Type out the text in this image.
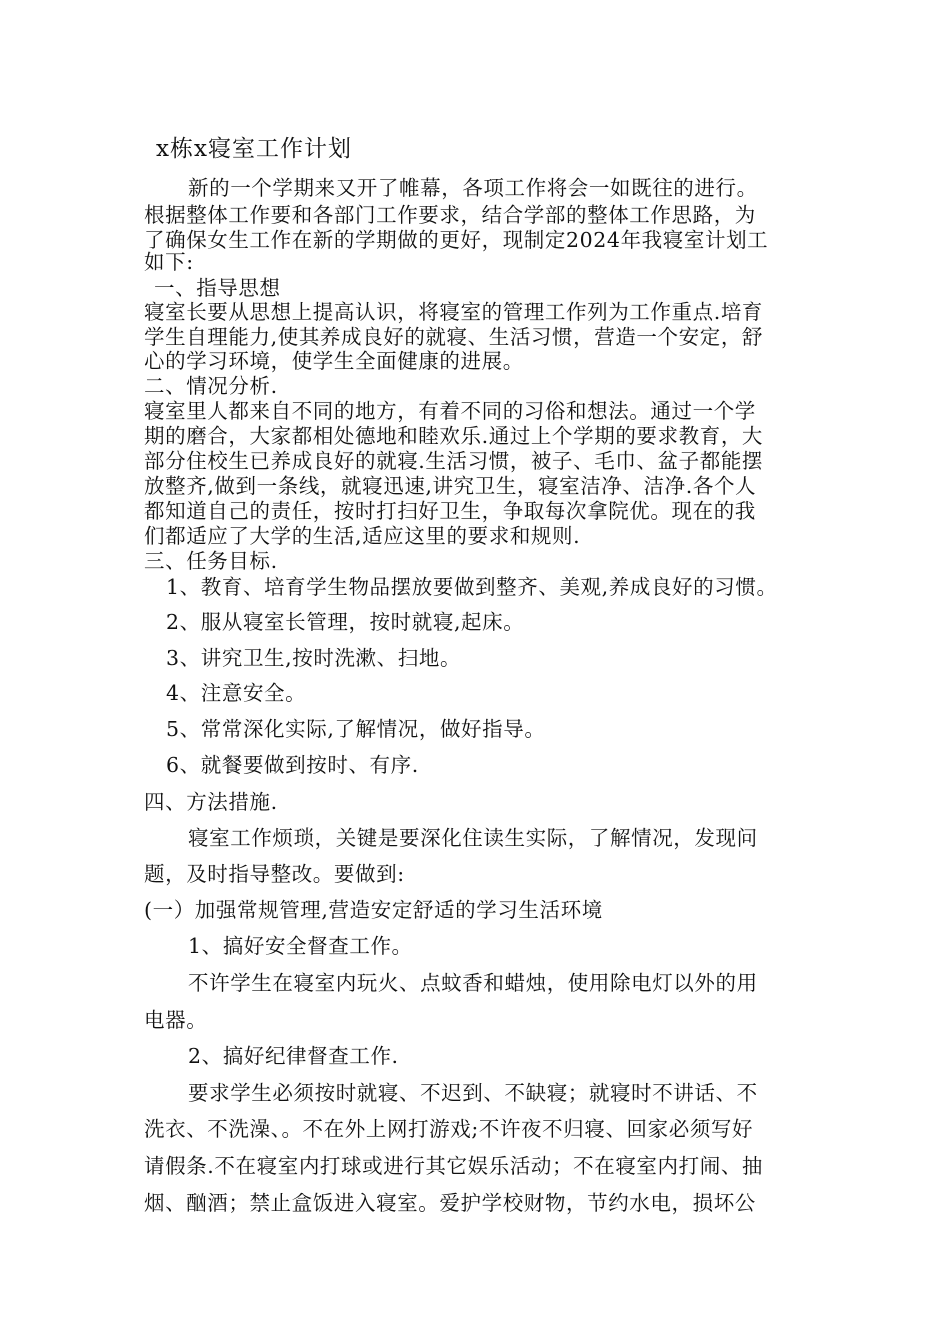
x栋x寝室工作计划
新的一个学期来又开了帷幕，各项工作将会一如既往的进行。
根据整体工作要和各部门工作要求，结合学部的整体工作思路，为
了确保女生工作在新的学期做的更好，现制定2024年我寝室计划工
如下:
一、指导思想
寝室长要从思想上提高认识，将寝室的管理工作列为工作重点.培育
学生自理能力,使其养成良好的就寝、生活习惯，营造一个安定，舒
心的学习环境，使学生全面健康的进展。
二、情况分析.
寝室里人都来自不同的地方，有着不同的习俗和想法。通过一个学
期的磨合，大家都相处德地和睦欢乐.通过上个学期的要求教育，大
部分住校生已养成良好的就寝.生活习惯，被子、毛巾、盆子都能摆
放整齐,做到一条线，就寝迅速,讲究卫生，寝室洁净、洁净.各个人
都知道自己的责任，按时打扫好卫生，争取每次拿院优。现在的我
们都适应了大学的生活,适应这里的要求和规则.
三、任务目标.
1、教育、培育学生物品摆放要做到整齐、美观,养成良好的习惯。
2、服从寝室长管理，按时就寝,起床。
3、讲究卫生,按时洗漱、扫地。
4、注意安全。
5、常常深化实际,了解情况，做好指导。
6、就餐要做到按时、有序.
四、方法措施.
寝室工作烦琐，关键是要深化住读生实际，了解情况，发现问
题，及时指导整改。要做到:
(一）加强常规管理,营造安定舒适的学习生活环境
1、搞好安全督查工作。
不许学生在寝室内玩火、点蚊香和蜡烛，使用除电灯以外的用
电器。
2、搞好纪律督查工作.
要求学生必须按时就寝、不迟到、不缺寝；就寝时不讲话、不
洗衣、不洗澡、。不在外上网打游戏;不许夜不归寝、回家必须写好
请假条.不在寝室内打球或进行其它娱乐活动；不在寝室内打闹、抽
烟、酗酒；禁止盒饭进入寝室。爱护学校财物，节约水电，损坏公
